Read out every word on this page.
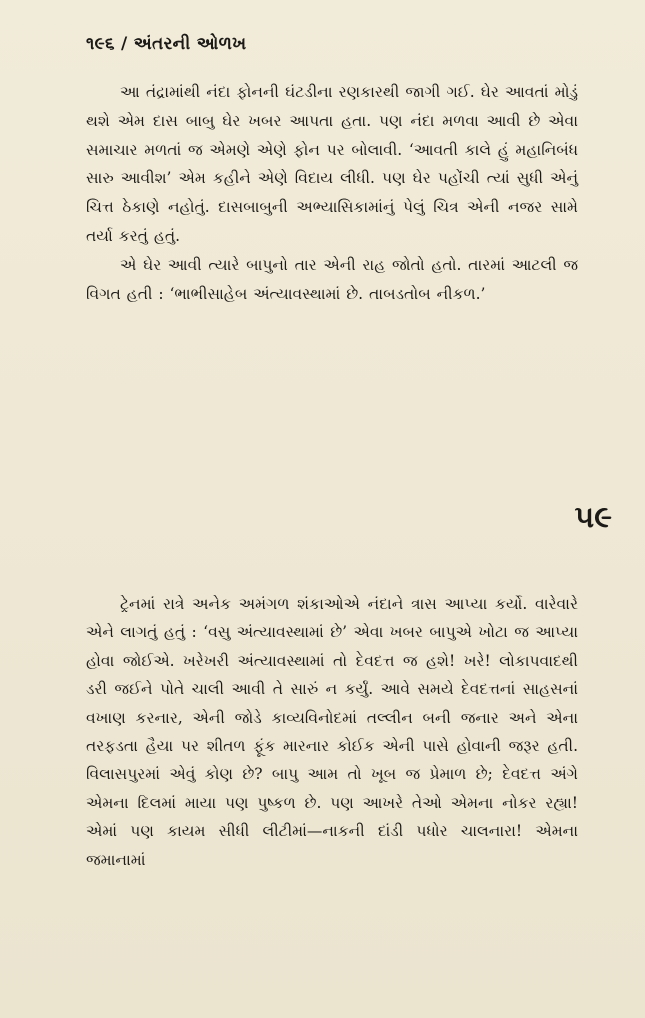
૧૯૬ / અંતરની ઓળખ

આ તંદ્રામાંથી નંદા ફોનની ઘંટડીના રણકારથી જાગી ગઈ. ઘેર આવતાં મોડું થશે એમ દાસ બાબુ ઘેર ખબર આપતા હતા. પણ નંદા મળવા આવી છે એવા સમાચાર મળતાં જ એમણે એણે ફોન પર બોલાવી. ‘આવતી કાલે હું મહાનિબંધ સારુ આવીશ’ એમ કહીને એણે વિદાય લીધી. પણ ઘેર પહોંચી ત્યાં સુધી એનું ચિત્ત ઠેકાણે નહોતું. દાસબાબુની અભ્યાસિકામાંનું પેલું ચિત્ર એની નજર સામે તર્યા કરતું હતું.

એ ઘેર આવી ત્યારે બાપુનો તાર એની રાહ જોતો હતો. તારમાં આટલી જ વિગત હતી : ‘ભાભીસાહેબ અંત્યાવસ્થામાં છે. તાબડતોબ નીકળ.’

૫૯

ટ્રેનમાં રાત્રે અનેક અમંગળ શંકાઓએ નંદાને ત્રાસ આપ્યા કર્યો. વારેવારે એને લાગતું હતું : ‘વસુ અંત્યાવસ્થામાં છે’ એવા ખબર બાપુએ ખોટા જ આપ્યા હોવા જોઈએ. ખરેખરી અંત્યાવસ્થામાં તો દેવદત્ત જ હશે! ખરે! લોકાપવાદથી ડરી જઈને પોતે ચાલી આવી તે સારું ન કર્યું. આવે સમયે દેવદત્તનાં સાહસનાં વખાણ કરનાર, એની જોડે કાવ્યવિનોદમાં તલ્લીન બની જનાર અને એના તરફડતા હૈયા પર શીતળ ફૂંક મારનાર કોઈક એની પાસે હોવાની જરૂર હતી. વિલાસપુરમાં એવું કોણ છે? બાપુ આમ તો ખૂબ જ પ્રેમાળ છે; દેવદત્ત અંગે એમના દિલમાં માયા પણ પુષ્કળ છે. પણ આખરે તેઓ એમના નોકર રહ્યા! એમાં પણ કાયમ સીધી લીટીમાં—નાકની દાંડી પધોર ચાલનારા! એમના જમાનામાં
